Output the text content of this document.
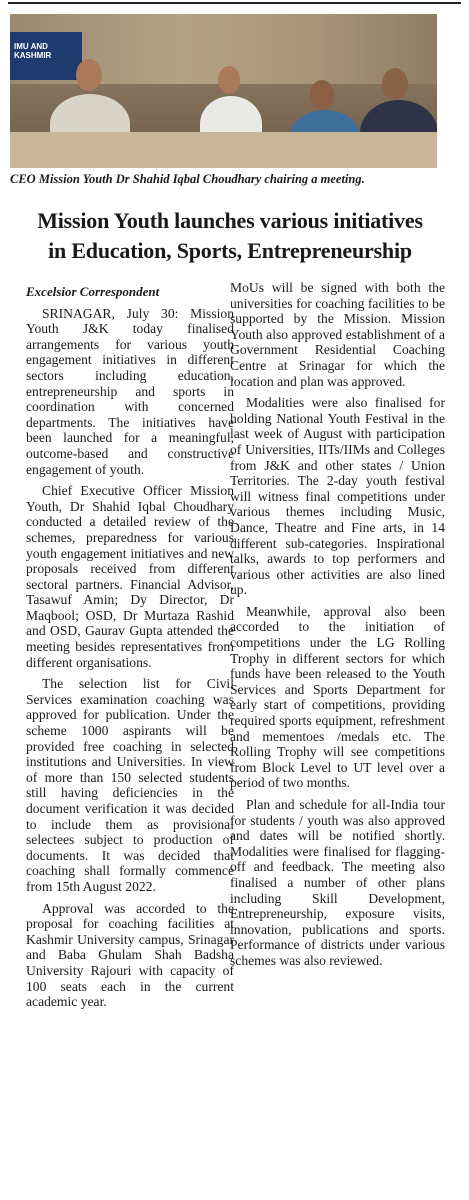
IMU AND KASHMIR
CEO Mission Youth Dr Shahid Iqbal Choudhary chairing a meeting.
Mission Youth launches various initiatives
in Education, Sports, Entrepreneurship
Excelsior Correspondent

SRINAGAR, July 30: Mission Youth J&K today finalised arrangements for various youth engagement initiatives in different sectors including education, entrepreneurship and sports in coordination with concerned departments. The initiatives have been launched for a meaningful, outcome-based and constructive engagement of youth.

Chief Executive Officer Mission Youth, Dr Shahid Iqbal Choudhary conducted a detailed review of the schemes, preparedness for various youth engagement initiatives and new proposals received from different sectoral partners. Financial Advisor, Tasawuf Amin; Dy Director, Dr Maqbool; OSD, Dr Murtaza Rashid and OSD, Gaurav Gupta attended the meeting besides representatives from different organisations.

The selection list for Civil Services examination coaching was approved for publication. Under the scheme 1000 aspirants will be provided free coaching in selected institutions and Universities. In view of more than 150 selected students still having deficiencies in the document verification it was decided to include them as provisional selectees subject to production of documents. It was decided that coaching shall formally commence from 15th August 2022.

Approval was accorded to the proposal for coaching facilities at Kashmir University campus, Srinagar and Baba Ghulam Shah Badsha University Rajouri with capacity of 100 seats each in the current academic year.

MoUs will be signed with both the universities for coaching facilities to be supported by the Mission. Mission Youth also approved establishment of a Government Residential Coaching Centre at Srinagar for which the location and plan was approved.

Modalities were also finalised for holding National Youth Festival in the last week of August with participation of Universities, IITs/IIMs and Colleges from J&K and other states / Union Territories. The 2-day youth festival will witness final competitions under various themes including Music, Dance, Theatre and Fine arts, in 14 different sub-categories. Inspirational talks, awards to top performers and various other activities are also lined up.

Meanwhile, approval also been accorded to the initiation of competitions under the LG Rolling Trophy in different sectors for which funds have been released to the Youth Services and Sports Department for early start of competitions, providing required sports equipment, refreshment and mementoes /medals etc. The Rolling Trophy will see competitions from Block Level to UT level over a period of two months.

Plan and schedule for all-India tour for students / youth was also approved and dates will be notified shortly. Modalities were finalised for flagging-off and feedback. The meeting also finalised a number of other plans including Skill Development, Entrepreneurship, exposure visits, innovation, publications and sports. Performance of districts under various schemes was also reviewed.
